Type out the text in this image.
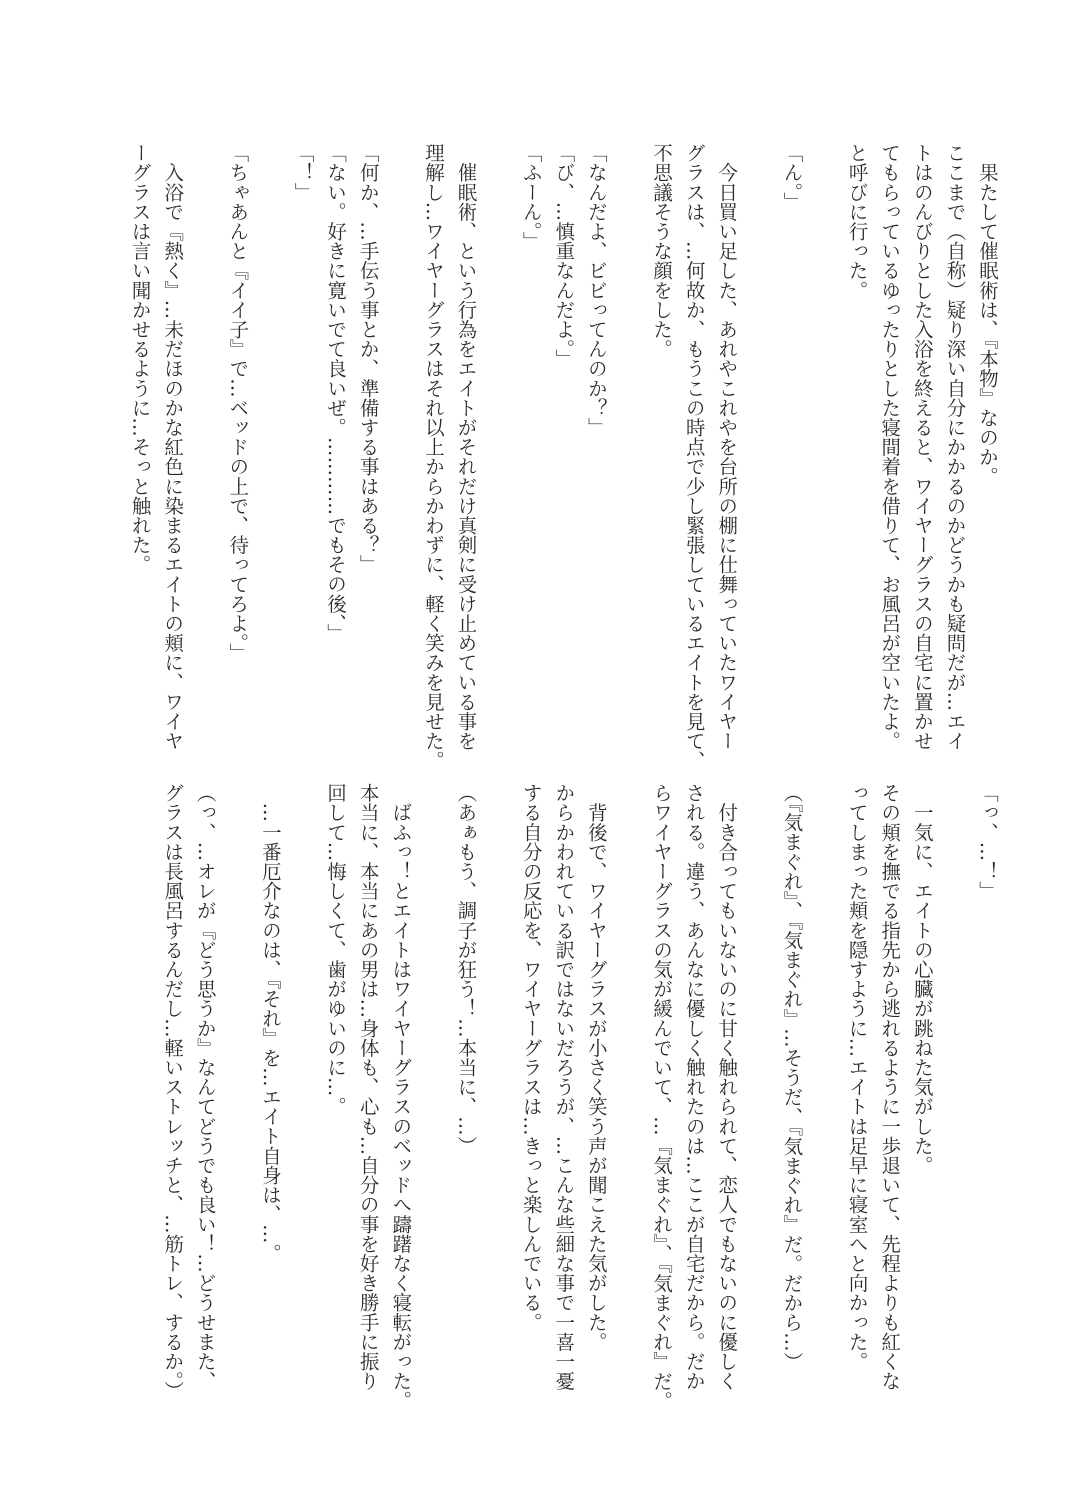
　果たして催眠術は、『本物』なのか。
ここまで（自称）疑り深い自分にかかるのかどうかも疑問だが…エイ
トはのんびりとした入浴を終えると、ワイヤーグラスの自宅に置かせ
てもらっているゆったりとした寝間着を借りて、お風呂が空いたよ。
と呼びに行った。
「ん。」
　今日買い足した、あれやこれやを台所の棚に仕舞っていたワイヤー
グラスは、…何故か、もうこの時点で少し緊張しているエイトを見て、
不思議そうな顔をした。
「なんだよ、ビビってんのか？」
「び、…慎重なんだよ。」
「ふーん。」
　催眠術、という行為をエイトがそれだけ真剣に受け止めている事を
理解し…ワイヤーグラスはそれ以上からかわずに、軽く笑みを見せた。
「何か、…手伝う事とか、準備する事はある？」
「ない。好きに寛いでて良いぜ。…………でもその後、」
「！」
「ちゃあんと『イイ子』で…ベッドの上で、待ってろよ。」
　入浴で『熱く』…未だほのかな紅色に染まるエイトの頬に、ワイヤ
ーグラスは言い聞かせるように…そっと触れた。
「っ、…！」
　一気に、エイトの心臓が跳ねた気がした。
その頬を撫でる指先から逃れるように一歩退いて、先程よりも紅くな
ってしまった頬を隠すように…エイトは足早に寝室へと向かった。
（『気まぐれ』、『気まぐれ』…そうだ、『気まぐれ』だ。だから…）
　付き合ってもいないのに甘く触れられて、恋人でもないのに優しく
される。違う、あんなに優しく触れたのは…ここが自宅だから。だか
らワイヤーグラスの気が緩んでいて、…『気まぐれ』、『気まぐれ』だ。
　背後で、ワイヤーグラスが小さく笑う声が聞こえた気がした。
からかわれている訳ではないだろうが、…こんな些細な事で一喜一憂
する自分の反応を、ワイヤーグラスは…きっと楽しんでいる。
（あぁもう、調子が狂う！…本当に、…）
　ばふっ！とエイトはワイヤーグラスのベッドへ躊躇なく寝転がった。
本当に、本当にあの男は…身体も、心も…自分の事を好き勝手に振り
回して…悔しくて、歯がゆいのに…。
　…一番厄介なのは、『それ』を…エイト自身は、…。
（っ、…オレが『どう思うか』なんてどうでも良い！…どうせまた、
グラスは長風呂するんだし…軽いストレッチと、…筋トレ、するか。）
